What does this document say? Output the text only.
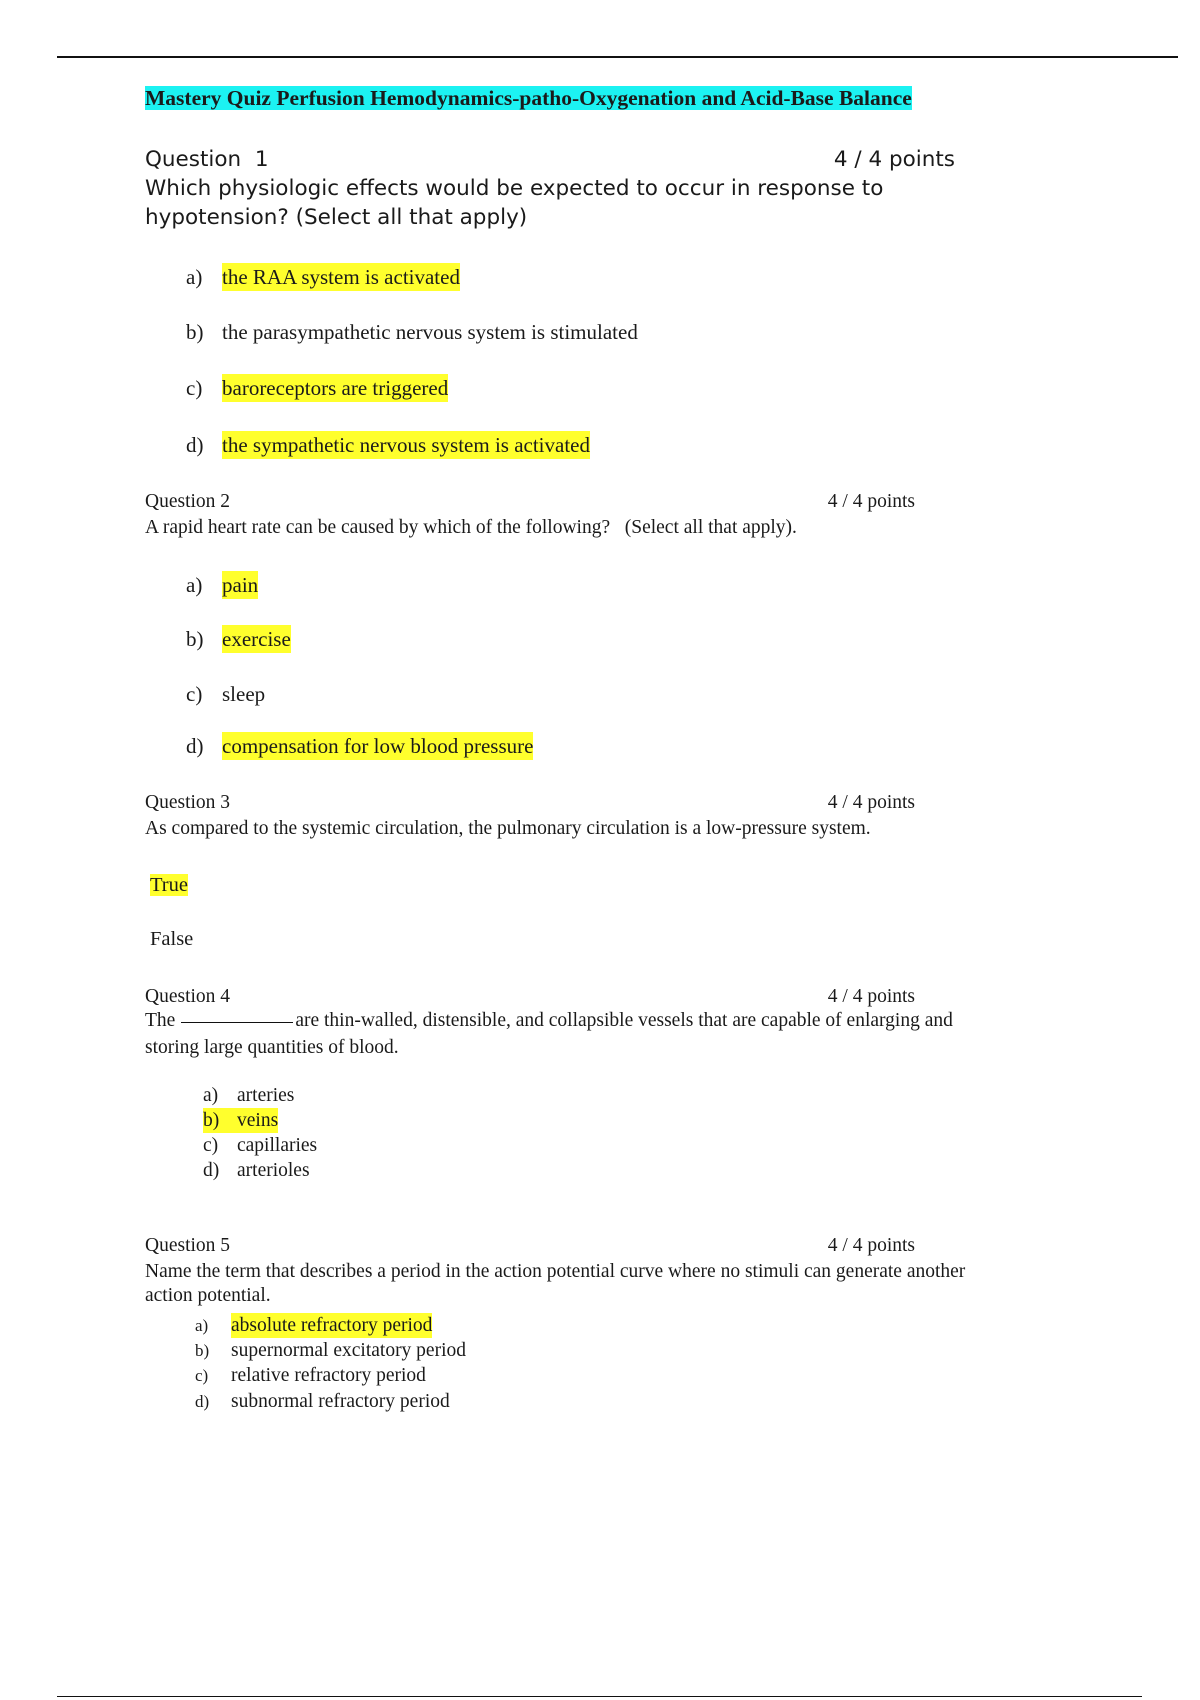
Mastery Quiz Perfusion Hemodynamics-patho-Oxygenation and Acid-Base Balance
Question  1	4 / 4 points
Which physiologic effects would be expected to occur in response to
hypotension? (Select all that apply)
a) the RAA system is activated
b) the parasympathetic nervous system is stimulated
c) baroreceptors are triggered
d) the sympathetic nervous system is activated
Question 2	4 / 4 points
A rapid heart rate can be caused by which of the following?   (Select all that apply).
a) pain
b) exercise
c) sleep
d) compensation for low blood pressure
Question 3	4 / 4 points
As compared to the systemic circulation, the pulmonary circulation is a low-pressure system.
True
False
Question 4	4 / 4 points
The	are thin-walled, distensible, and collapsible vessels that are capable of enlarging and
storing large quantities of blood.
a) arteries
b) veins
c) capillaries
d) arterioles
Question 5	4 / 4 points
Name the term that describes a period in the action potential curve where no stimuli can generate another
action potential.
a)	absolute refractory period
b)	supernormal excitatory period
c)	relative refractory period
d)	subnormal refractory period
